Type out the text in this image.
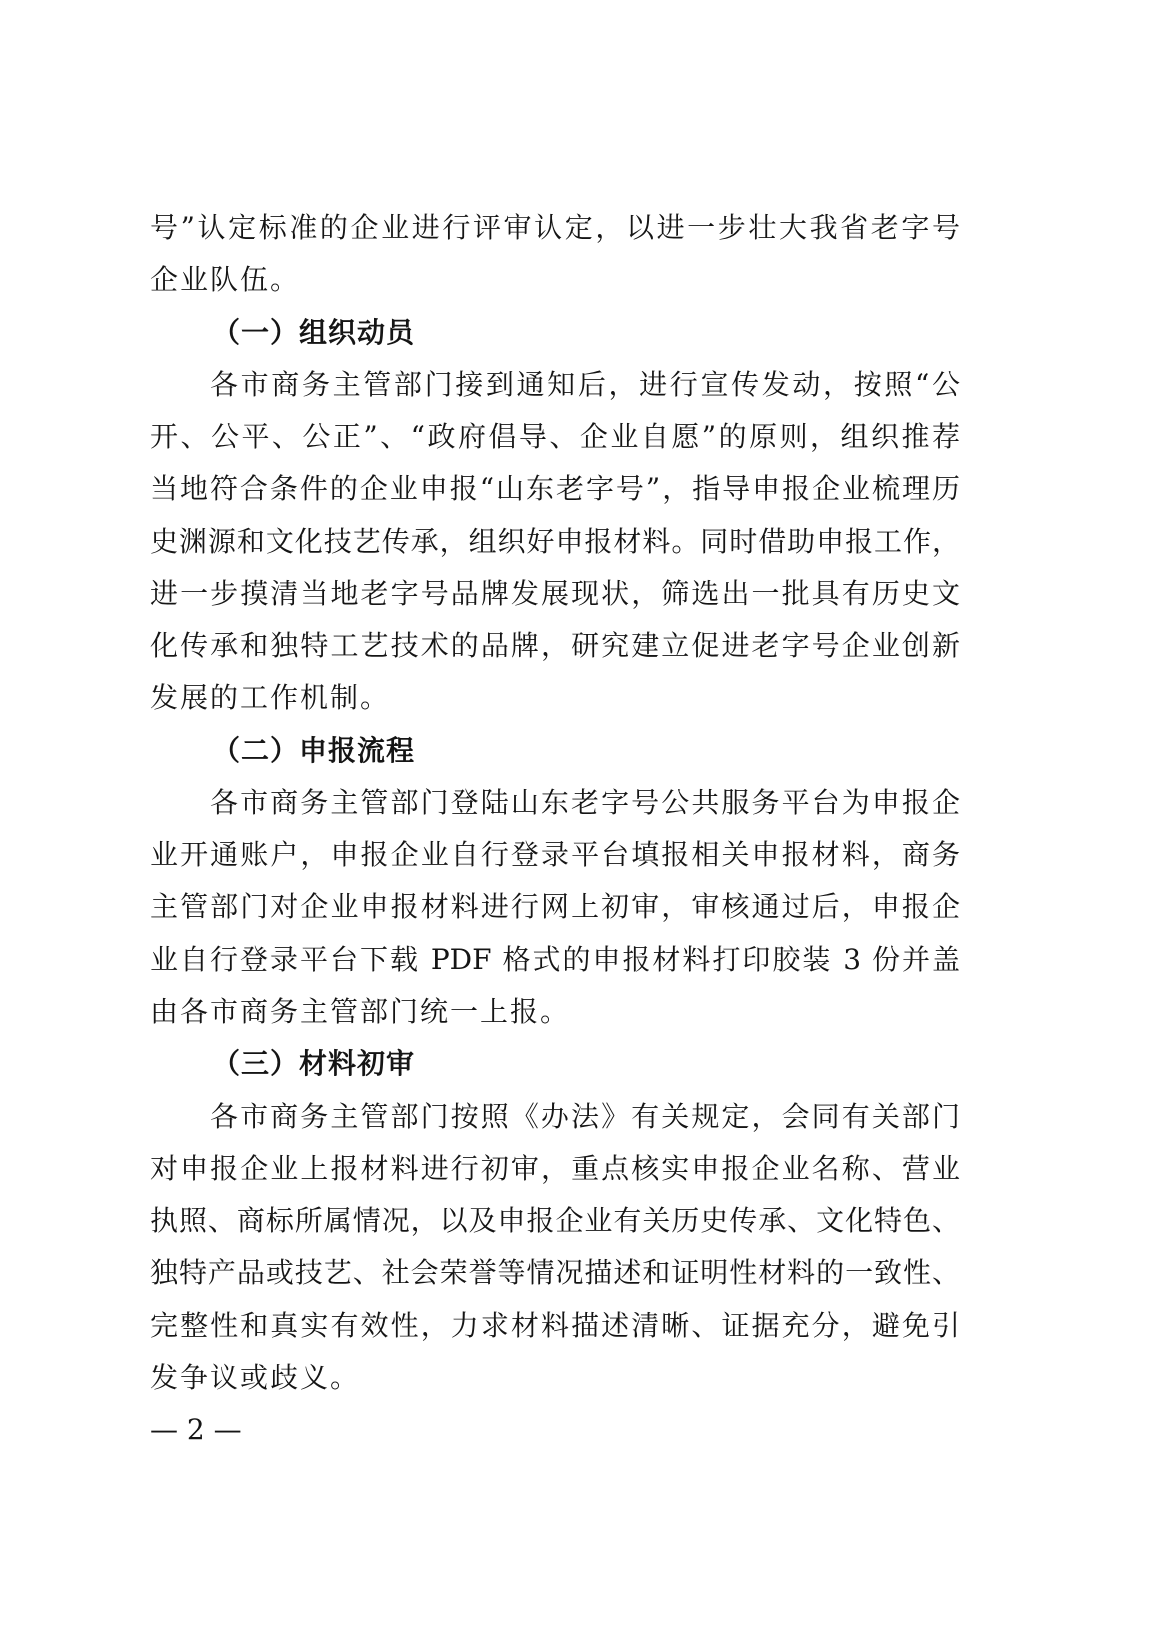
号”认定标准的企业进行评审认定，以进一步壮大我省老字号
企业队伍。
（一）组织动员
各市商务主管部门接到通知后，进行宣传发动，按照“公
开、公平、公正”、“政府倡导、企业自愿”的原则，组织推荐
当地符合条件的企业申报“山东老字号”，指导申报企业梳理历
史渊源和文化技艺传承，组织好申报材料。同时借助申报工作，
进一步摸清当地老字号品牌发展现状，筛选出一批具有历史文
化传承和独特工艺技术的品牌，研究建立促进老字号企业创新
发展的工作机制。
（二）申报流程
各市商务主管部门登陆山东老字号公共服务平台为申报企
业开通账户，申报企业自行登录平台填报相关申报材料，商务
主管部门对企业申报材料进行网上初审，审核通过后，申报企
业自行登录平台下载 PDF 格式的申报材料打印胶装 3 份并盖
由各市商务主管部门统一上报。
（三）材料初审
各市商务主管部门按照《办法》有关规定，会同有关部门
对申报企业上报材料进行初审，重点核实申报企业名称、营业
执照、商标所属情况，以及申报企业有关历史传承、文化特色、
独特产品或技艺、社会荣誉等情况描述和证明性材料的一致性、
完整性和真实有效性，力求材料描述清晰、证据充分，避免引
发争议或歧义。
— 2 —
